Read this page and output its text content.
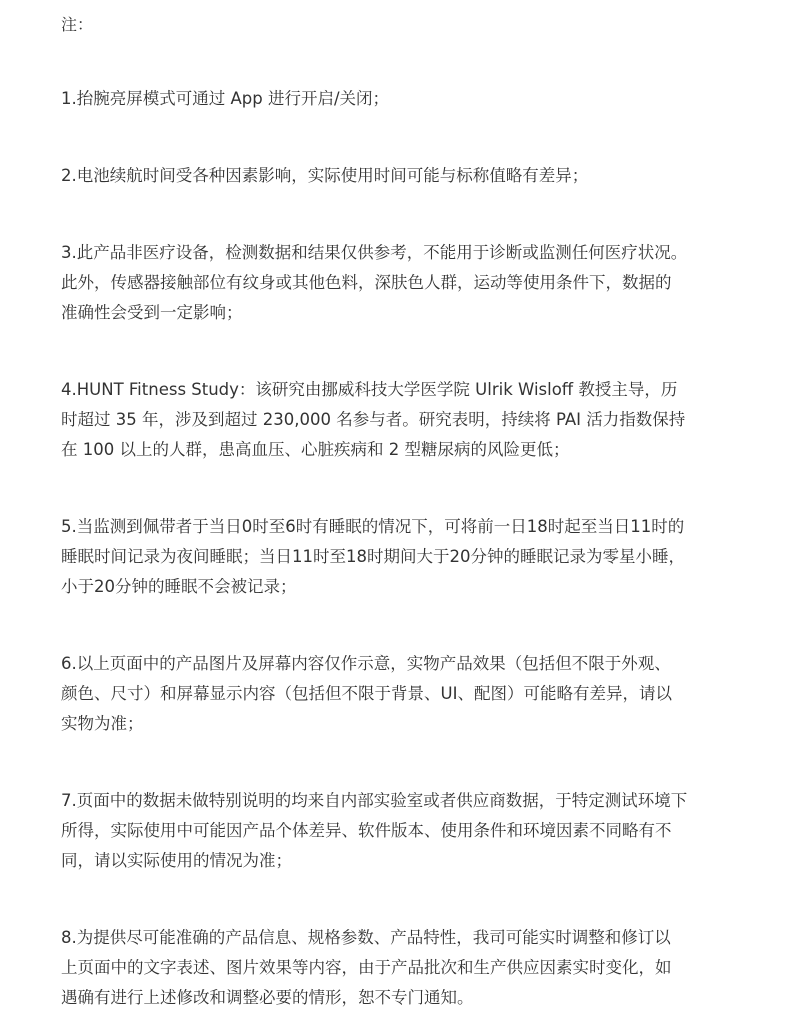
注：

1.抬腕亮屏模式可通过 App 进行开启/关闭；
2.电池续航时间受各种因素影响，实际使用时间可能与标称值略有差异；
3.此产品非医疗设备，检测数据和结果仅供参考，不能用于诊断或监测任何医疗状况。
此外，传感器接触部位有纹身或其他色料，深肤色人群，运动等使用条件下，数据的
准确性会受到一定影响；
4.HUNT Fitness Study：该研究由挪威科技大学医学院 Ulrik Wisloff 教授主导，历
时超过 35 年，涉及到超过 230,000 名参与者。研究表明，持续将 PAI 活力指数保持
在 100 以上的人群，患高血压、心脏疾病和 2 型糖尿病的风险更低；
5.当监测到佩带者于当日0时至6时有睡眠的情况下，可将前一日18时起至当日11时的
睡眠时间记录为夜间睡眠；当日11时至18时期间大于20分钟的睡眠记录为零星小睡，
小于20分钟的睡眠不会被记录；
6.以上页面中的产品图片及屏幕内容仅作示意，实物产品效果（包括但不限于外观、
颜色、尺寸）和屏幕显示内容（包括但不限于背景、UI、配图）可能略有差异，请以
实物为准；
7.页面中的数据未做特别说明的均来自内部实验室或者供应商数据，于特定测试环境下
所得，实际使用中可能因产品个体差异、软件版本、使用条件和环境因素不同略有不
同，请以实际使用的情况为准；
8.为提供尽可能准确的产品信息、规格参数、产品特性，我司可能实时调整和修订以
上页面中的文字表述、图片效果等内容，由于产品批次和生产供应因素实时变化，如
遇确有进行上述修改和调整必要的情形，恕不专门通知。
